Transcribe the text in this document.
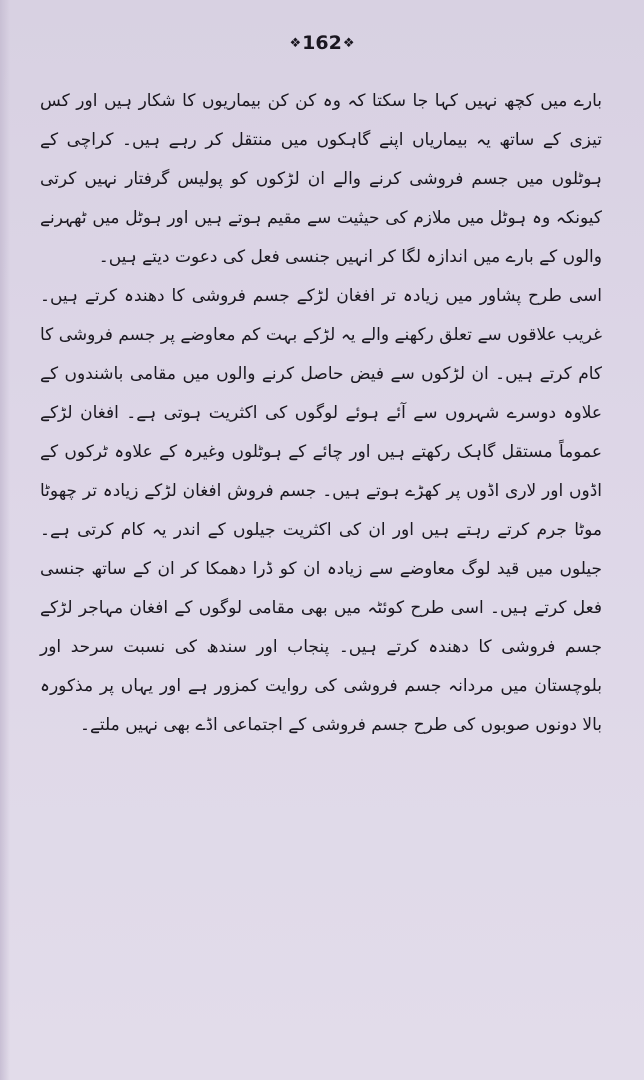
❖162❖

بارے میں کچھ نہیں کہا جا سکتا کہ وہ کن کن بیماریوں کا شکار ہیں اور کس تیزی کے ساتھ یہ بیماریاں اپنے گاہکوں میں منتقل کر رہے ہیں۔ کراچی کے ہوٹلوں میں جسم فروشی کرنے والے ان لڑکوں کو پولیس گرفتار نہیں کرتی کیونکہ وہ ہوٹل میں ملازم کی حیثیت سے مقیم ہوتے ہیں اور ہوٹل میں ٹھہرنے والوں کے بارے میں اندازہ لگا کر انہیں جنسی فعل کی دعوت دیتے ہیں۔

اسی طرح پشاور میں زیادہ تر افغان لڑکے جسم فروشی کا دھندہ کرتے ہیں۔ غریب علاقوں سے تعلق رکھنے والے یہ لڑکے بہت کم معاوضے پر جسم فروشی کا کام کرتے ہیں۔ ان لڑکوں سے فیض حاصل کرنے والوں میں مقامی باشندوں کے علاوہ دوسرے شہروں سے آئے ہوئے لوگوں کی اکثریت ہوتی ہے۔ افغان لڑکے عموماً مستقل گاہک رکھتے ہیں اور چائے کے ہوٹلوں وغیرہ کے علاوہ ٹرکوں کے اڈوں اور لاری اڈوں پر کھڑے ہوتے ہیں۔ جسم فروش افغان لڑکے زیادہ تر چھوٹا موٹا جرم کرتے رہتے ہیں اور ان کی اکثریت جیلوں کے اندر یہ کام کرتی ہے۔ جیلوں میں قید لوگ معاوضے سے زیادہ ان کو ڈرا دھمکا کر ان کے ساتھ جنسی فعل کرتے ہیں۔ اسی طرح کوئٹہ میں بھی مقامی لوگوں کے افغان مہاجر لڑکے جسم فروشی کا دھندہ کرتے ہیں۔ پنجاب اور سندھ کی نسبت سرحد اور بلوچستان میں مردانہ جسم فروشی کی روایت کمزور ہے اور یہاں پر مذکورہ بالا دونوں صوبوں کی طرح جسم فروشی کے اجتماعی اڈے بھی نہیں ملتے۔
